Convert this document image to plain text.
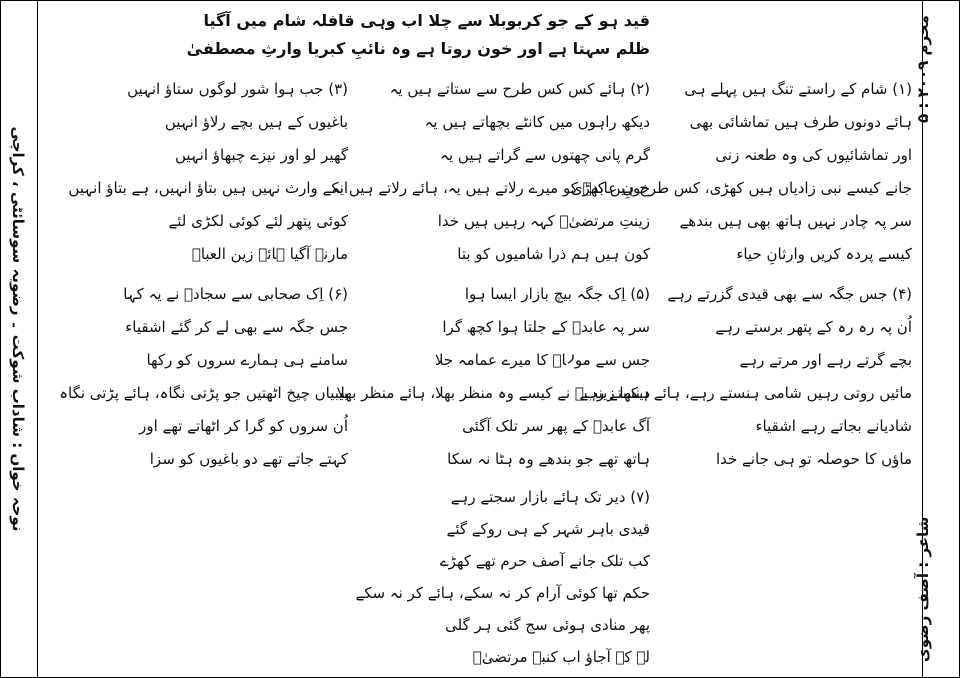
۵ : محرم ۲۰۰۹
شاعر : آصف رضوی
نوحہ خواں : شاداب شوکت ۔ رضویہ سوسائٹی ، کراچی
قید ہو کے جو کربوبلا سے چلا اب وہی قافلہ شام میں آگیا
ظلم سہتا ہے اور خون روتا ہے وہ نائبِ کبریا وارثِ مصطفیٰ
(۱) شام کے راستے تنگ ہیں پہلے ہی
ہائے دونوں طرف ہیں تماشائی بھی
اور تماشائیوں کی وہ طعنہ زنی
جانے کیسے نبی زادیاں ہیں کھڑی، کس طرح ہیں کھڑی
سر پہ چادر نہیں ہاتھ بھی ہیں بندھے
کیسے پردہ کریں وارثانِ حیاء
(۴) جس جگہ سے بھی قیدی گزرتے رہے
اُن پہ رہ رہ کے پتھر برستے رہے
بچے گرتے رہے اور مرتے رہے
مائیں روتی رہیں شامی ہنستے رہے، ہائے ہنستے رہے
شادیانے بجاتے رہے اشقیاء
ماؤں کا حوصلہ تو ہی جانے خدا
(۲) ہائے کس کس طرح سے ستاتے ہیں یہ
دیکھ راہوں میں کانٹے بچھاتے ہیں یہ
گرم پانی چھتوں سے گراتے ہیں یہ
خونِ عابدؑ کو میرے رلاتے ہیں یہ، ہائے رلاتے ہیں یہ
زینتِ مرتضیٰؑ کہہ رہیں ہیں خدا
کون ہیں ہم ذرا شامیوں کو بتا
(۵) اِک جگہ بیچ بازار ایسا ہوا
سر پہ عابدؑ کے جلتا ہوا کچھ گرا
جس سے مولاؑ کا میرے عمامہ جلا
دیکھا زینبؑ نے کیسے وہ منظر بھلا، ہائے منظر بھلا
آگ عابدؑ کے پھر سر تلک آگئی
ہاتھ تھے جو بندھے وہ ہٹا نہ سکا
(۷) دیر تک ہائے بازار سجتے رہے
قیدی باہر شہر کے ہی روکے گئے
کب تلک جانے آصف حرم تھے کھڑے
حکم تھا کوئی آرام کر نہ سکے، ہائے کر نہ سکے
پھر منادی ہوئی سج گئی ہر گلی
لے کے آجاؤ اب کنبۂ مرتضیٰؑ
(۳) جب ہوا شور لوگوں ستاؤ انہیں
باغیوں کے ہیں بچے رلاؤ انہیں
گھیر لو اور نیزے چبھاؤ انہیں
انکے وارث نہیں ہیں بتاؤ انہیں، ہے بتاؤ انہیں
کوئی پتھر لئے کوئی لکڑی لئے
مارنے آگیا ہائے زین العباؑ
(۶) اِک صحابی سے سجادؑ نے یہ کہا
جس جگہ سے بھی لے کر گئے اشقیاء
سامنے ہی ہمارے سروں کو رکھا
بیبیاں چیخ اٹھتیں جو پڑتی نگاہ، ہائے پڑتی نگاہ
اُن سروں کو گرا کر اٹھاتے تھے اور
کہتے جاتے تھے دو باغیوں کو سزا
